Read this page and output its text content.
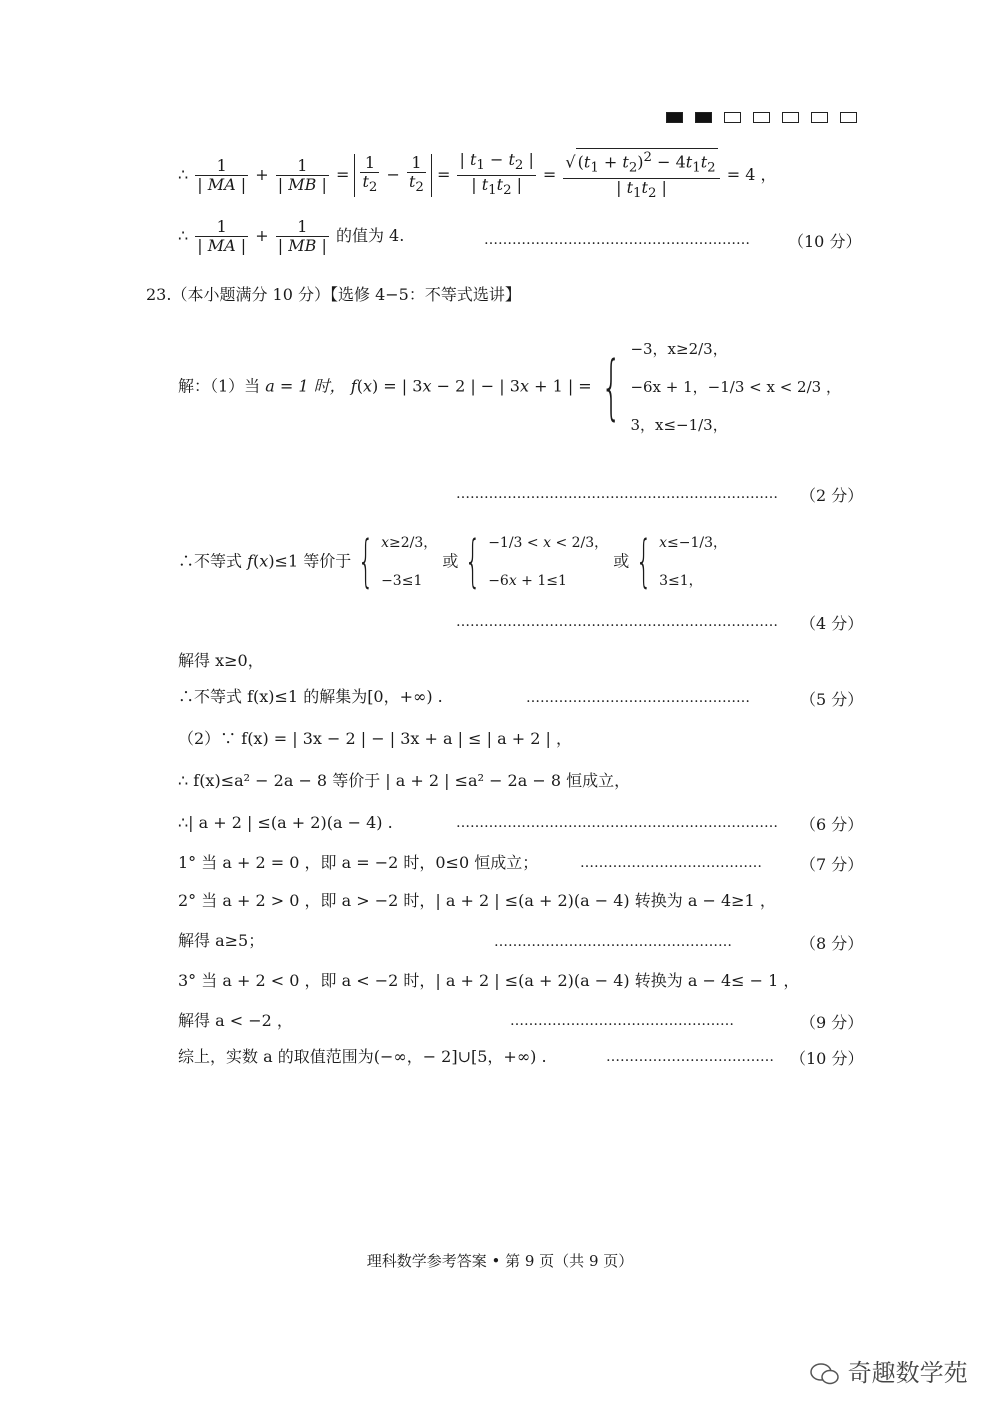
∴ $\frac{1}{| MA |} + \frac{1}{| MB |} = \frac{1}{t_2} - \frac{1}{t_2} = \frac{| t_1 - t_2 |}{| t_1t_2 |} = \frac{√ (t_1 + t_2)^2 - 4t_1t_2}{| t_1t_2 |} = 4$ ，
∴ $\frac{1}{| MA |} + \frac{1}{| MB |}$ 的值为 4.	………………………………………………… （10 分）
23.（本小题满分 10 分）【选修 4−5：不等式选讲】
解：（1）当 a = 1 时， f(x) = | 3x − 2 | − | 3x + 1 | = { −3，x≥2/3，
−6x + 1，−1/3 < x < 2/3 ，
3，x≤−1/3，
…………………………………………………………… （2 分）
∴不等式 f(x)≤1 等价于 { x≥2/3，
−3≤1
或 { −1/3 < x < 2/3，
−6x + 1≤1
或 { x≤−1/3，
3≤1，
…………………………………………………………… （4 分）
解得 x≥0，
∴不等式 f(x)≤1 的解集为[0，+∞) .	…………………………………………	（5 分）
（2）∵ f(x) = | 3x − 2 | − | 3x + a | ≤ | a + 2 | ，
∴ f(x)≤a² − 2a − 8 等价于 | a + 2 | ≤a² − 2a − 8 恒成立，
∴| a + 2 | ≤(a + 2)(a − 4) .	…………………………………………………………… （6 分）
1° 当 a + 2 = 0 ，即 a = −2 时，0≤0 恒成立；	………………………………… （7 分）
2° 当 a + 2 > 0 ，即 a > −2 时，| a + 2 | ≤(a + 2)(a − 4) 转换为 a − 4≥1 ，
解得 a≥5；	……………………………………………	（8 分）
3° 当 a + 2 < 0 ，即 a < −2 时，| a + 2 | ≤(a + 2)(a − 4) 转换为 a − 4≤ − 1 ，
解得 a < −2 ，	…………………………………………	（9 分）
综上，实数 a 的取值范围为(−∞，− 2]∪[5，+∞) .	……………………………… （10 分）
理科数学参考答案 • 第 9 页（共 9 页）
奇趣数学苑
